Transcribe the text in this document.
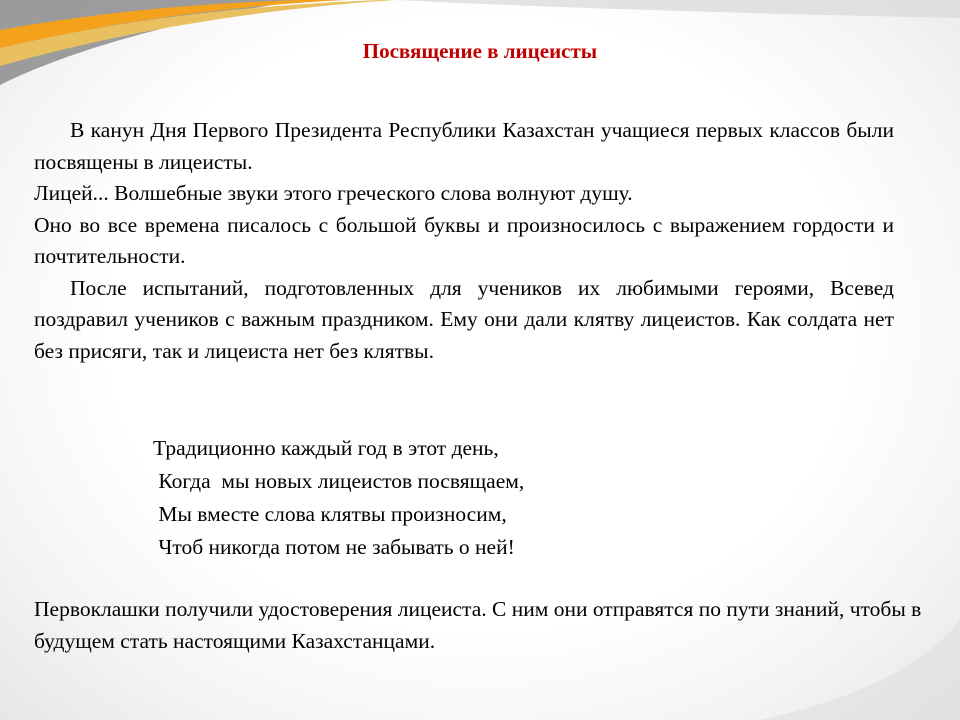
Посвящение в лицеисты

В канун Дня Первого Президента Республики Казахстан учащиеся первых классов были посвящены в лицеисты.

Лицей... Волшебные звуки этого греческого слова волнуют душу.

Оно во все времена писалось с большой буквы и произносилось с выражением гордости и почтительности.

После испытаний, подготовленных для учеников их любимыми героями, Всевед поздравил учеников с важным праздником. Ему они дали клятву лицеистов. Как солдата нет без присяги, так и лицеиста нет без клятвы.

Традиционно каждый год в этот день,
Когда  мы новых лицеистов посвящаем,
Мы вместе слова клятвы произносим,
Чтоб никогда потом не забывать о ней!
Первоклашки получили удостоверения лицеиста. С ним они отправятся по пути знаний, чтобы в будущем стать настоящими Казахстанцами.
